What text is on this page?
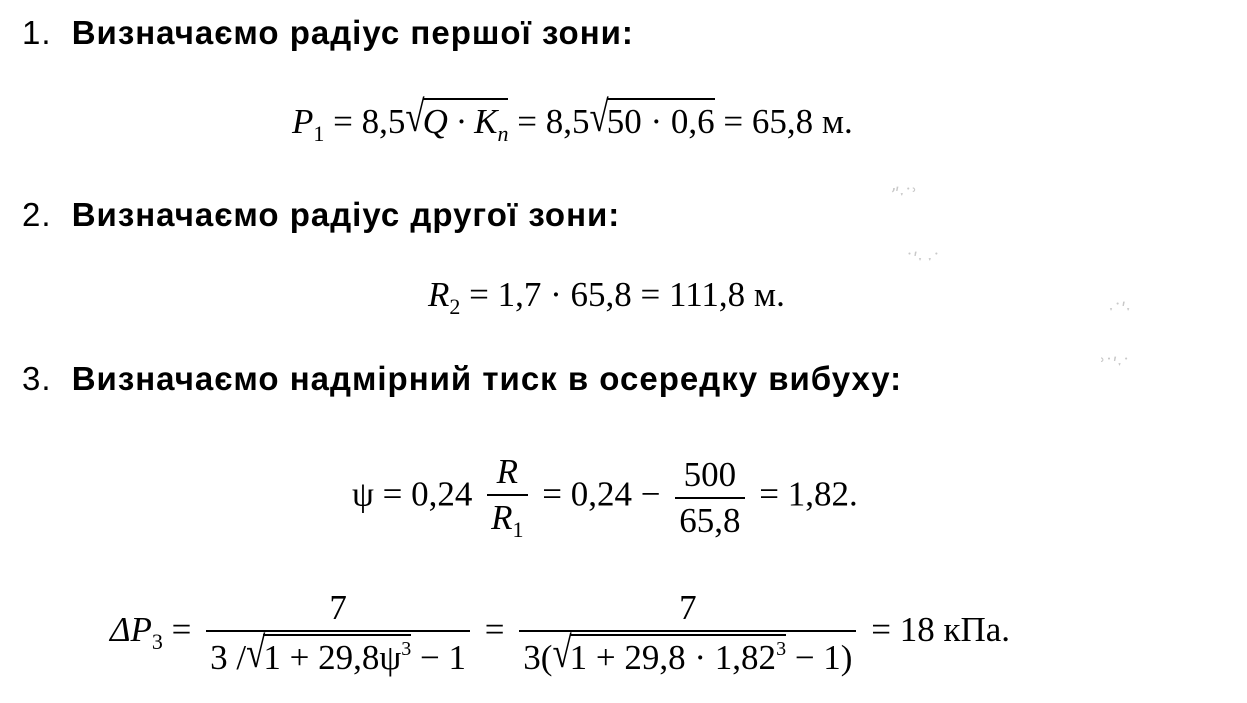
1. Визначаємо радіус першої зони:
$P_1 = 8,5√Q \cdot K_n = 8,5√50 \cdot 0,6 = 65,8$ м.
2. Визначаємо радіус другої зони:
$R_2 = 1,7 \cdot 65,8 = 111,8$ м.
3. Визначаємо надмірний тиск в осередку вибуху:
$\psi = 0,24 \frac{R}{R_1} = 0,24 - \frac{500}{65,8} = 1,82$.
$\Delta P_3 = \frac{7}{3 /√1 + 29,8\psi^3 - 1} = \frac{7}{3(√1 + 29,8 \cdot 1,82^3 - 1)} = 18$ кПа.
ʼʹˑ˙ʾ
˙ʹˑ ˑ˙
ˑ˙ʹˑ
ʾ˙ʹˑ˙
